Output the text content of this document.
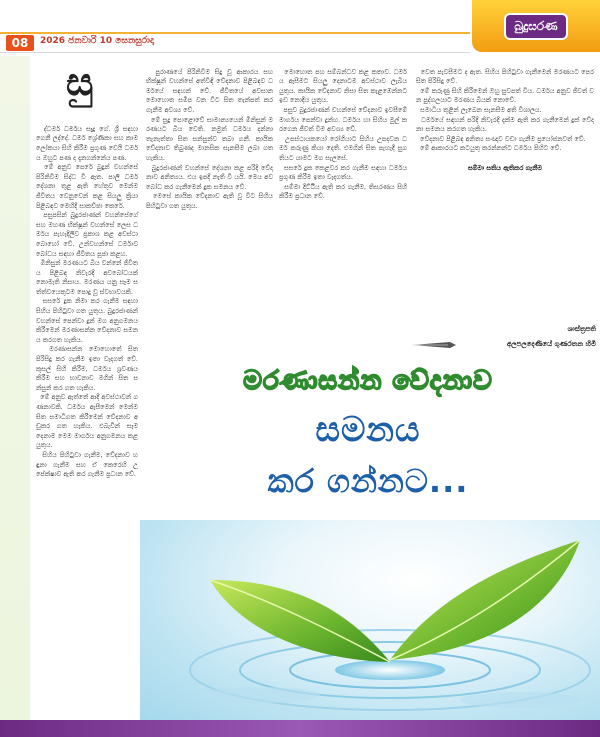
08	2026 ජනවාරි 10 සෙනසුරාදා
බුදුසරණ
සු

ද්ධර්ම ධර්මය සෑදූ ගේ. ශ්‍රී සඳහා ගෙනී ලද්දේ. ධර්ම ශ්‍රේණිකා සහ කාම ලෝකයා සිහි කිරීම ප්‍රගුණ වෙයි ධර්මය ඔහුට පණ ද දැනගන්නේය පණ.
මේ අනුව පෙරේ බුදුන් වහන්සේ පිරිනිවීම සිද්ධ වී ඇත. පාලි ධර්ම දේශනා තුළ ඇති හේතුව මෙන්ම ජීවිතය වෙනුවෙන් කළ සියලු ක්‍රියා පිළිබඳව මෙහිදී සාකච්ඡා කෙරේ.
පසුපසින් බුදුරජාණන් වහන්සේගේ සහ මහණ භික්ෂූන් වහන්සේ ලෙස ධර්මය පැහැදිලිව ප්‍රකාශ කළ අවස්ථා බොහෝ වේ. උන්වහන්සේ ධර්මාවබෝධය සඳහා ජීවිතය පූජා කළහ.
මිනිසුන් මරණයට බිය වන්නේ ජීවිතය පිළිබඳ නිවැරදි අවබෝධයක් නොමැති නිසාය. මරණය යනු සෑම සත්ත්වයෙකුටම පොදු වූ ස්වභාවයකි.
සසරේ දුක නිමා කර ගැනීම සඳහා සිහිය පිහිටුවා ගත යුතුය. බුදුරජාණන් වහන්සේ පෙන්වා දුන් මග අනුගමනය කිරීමෙන් මරණාසන්න වේදනාව සමනය කරගත හැකිය.
මරණාසන්න මොහොතේ සිත පිරිසිදු කර ගැනීම ඉතා වැදගත් වේ. කුසල් සිහි කිරීම, ධර්මය ශ්‍රවණය කිරීම සහ භාවනාව මගින් සිත සන්සුන් කර ගත හැකිය.
මේ අනුව ඇත්තේ ආදී අවස්ථාවන් ගණනාවකි. ධර්මය ඇසීමෙන් මෙන්ම සිත සමාධිගත කිරීමෙන් වේදනාව අඩුකර ගත හැකිය. එබැවින් සෑම දෙනාම මෙම මාර්ගය අනුගමනය කළ යුතුය.
සිහිය පිහිටුවා ගැනීම, වේදනාව හඳුනා ගැනීම සහ ඒ කෙරෙහි උපේක්ෂාව ඇති කර ගැනීම ප්‍රධාන වේ.

පුරාණයේ පිරිනිවීම සිදු වූ ආකාරය සහ භික්ෂූන් වහන්සේ අත්විඳි වේදනාව පිළිබඳව ධර්මයේ සඳහන් වේ. ජීවිතයේ අවසාන මොහොත සමීප වන විට සිත තැන්පත් කර ගැනීම අවශ්‍ය වේ.
මේ සුදු පොළොවේ සාමාන්‍යයෙන් මිනිසුන් මරණයට බිය වෙති. නමුත් ධර්මය දන්නා තැනැත්තා සිත සන්සුන්ව තබා ගනී. කායික වේදනාව තිබුණද මානසික සැනසීම ලබා ගත හැකිය.
බුදුරජාණන් වහන්සේ දේශනා කළ පරිදි වේදනාව අනිත්‍යය. එය ඉපදී නැති වී යයි. මෙය අවබෝධ කර ගැනීමෙන් දුක සමනය වේ.
මෙසේ කායික වේදනාව ඇති වූ විට සිහිය පිහිටුවා ගත යුතුය.

මොහොත පහ සම්බන්ධව කළ කතාව. ධර්මය ඇසීමට සියලු දෙනාටම අවස්ථාව ලැබිය යුතුය. කායික වේදනාව නිසා සිත කැළඹෙන්නට ඉඩ නොදිය යුතුය.
පසුව බුදුරජාණන් වහන්සේ වේදනාව ඉවසීමේ මාර්ගය පෙන්වා දුන්හ. ධර්මය හා සිහිය මුල් කරගෙන ජීවත් වීම අවශ්‍ය වේ.
උපස්ථායකයෝ රෝගියාට සිහිය උපදවන ධර්ම කරුණු කියා දෙති. එමගින් සිත පැහැදී සුගතියට යාමට මග සැලසේ.
සසරේ දුක කෙළවර කර ගැනීම සඳහා ධර්මය ප්‍රගුණ කිරීම ඉතා වැදගත්ය.
සම්මා දිට්ඨිය ඇති කර ගැනීම, තිසරණය සිහි කිරීම ප්‍රධාන වේ.

වෙත පැවසීමට ද ඇත. සිහිය පිහිටුවා ගැනීමෙන් මරණයට පෙර සිත පිරිසිදු වේ.
මේ කරුණු සිහි කිරීමෙන් ඔහු සුවපත් විය. ධර්මය අනුව ජීවත් වන පුද්ගලයාට මරණය බියක් නොවේ.
සමාධිය තුළින් ලැබෙන සැනසීම අති විශාලය.
ධර්මයේ සඳහන් පරිදි නිවැරදි දැක්ම ඇති කර ගැනීමෙන් දුක් වේදනා සමනය කරගත හැකිය.
වේදනාව පිළිබඳ අනිත්‍ය සංඥාව වඩා ගැනීම ප්‍රයෝජනවත් වේ.
මේ ආකාරයට කටයුතු කරන්නන්ට ධර්මය පිහිට වේ.

සම්මා සතිය ඇතිකර ගැනීම

ශාස්ත්‍රපති
අලපලදෙණියේ ගුණරතන හිමි
මරණාසන්න වේදනාව
සමනය
කර ගන්නට...
